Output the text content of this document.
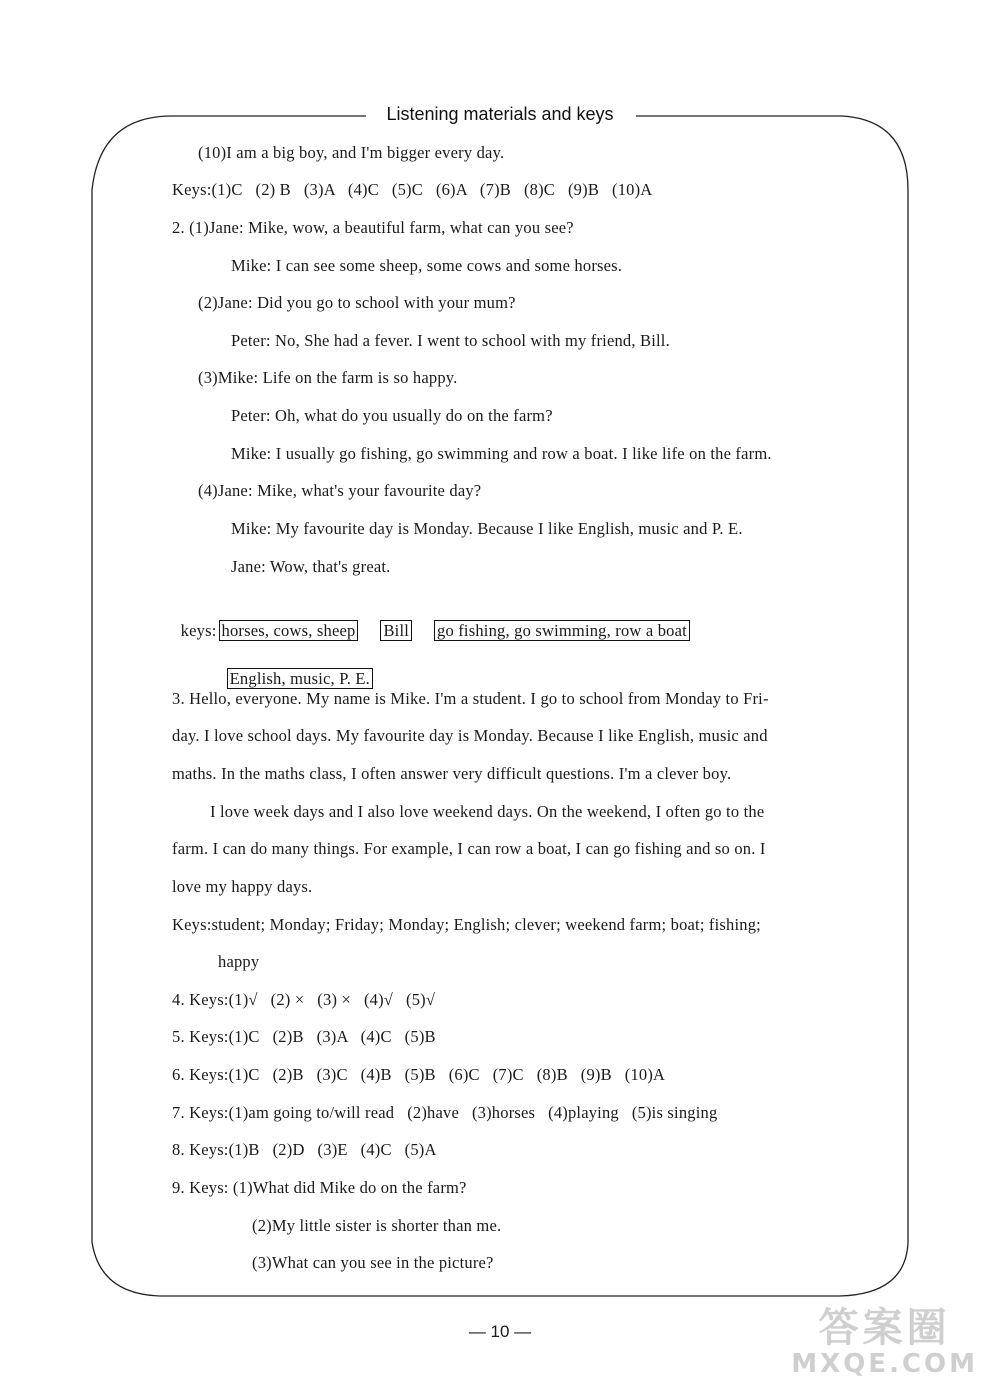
Listening materials and keys
(10)I am a big boy, and I'm bigger every day.
Keys:(1)C   (2) B   (3)A   (4)C   (5)C   (6)A   (7)B   (8)C   (9)B   (10)A
2. (1)Jane: Mike, wow, a beautiful farm, what can you see?
Mike: I can see some sheep, some cows and some horses.
(2)Jane: Did you go to school with your mum?
Peter: No, She had a fever. I went to school with my friend, Bill.
(3)Mike: Life on the farm is so happy.
Peter: Oh, what do you usually do on the farm?
Mike: I usually go fishing, go swimming and row a boat. I like life on the farm.
(4)Jane: Mike, what's your favourite day?
Mike: My favourite day is Monday. Because I like English, music and P. E.
Jane: Wow, that's great.

keys: horses, cows, sheep Bill go fishing, go swimming, row a boat

English, music, P. E.

3. Hello, everyone. My name is Mike. I'm a student. I go to school from Monday to Fri-
day. I love school days. My favourite day is Monday. Because I like English, music and
maths. In the maths class, I often answer very difficult questions. I'm a clever boy.
I love week days and I also love weekend days. On the weekend, I often go to the
farm. I can do many things. For example, I can row a boat, I can go fishing and so on. I
love my happy days.
Keys:student; Monday; Friday; Monday; English; clever; weekend farm; boat; fishing;
happy
4. Keys:(1)√   (2) ×   (3) ×   (4)√   (5)√
5. Keys:(1)C   (2)B   (3)A   (4)C   (5)B
6. Keys:(1)C   (2)B   (3)C   (4)B   (5)B   (6)C   (7)C   (8)B   (9)B   (10)A
7. Keys:(1)am going to/will read   (2)have   (3)horses   (4)playing   (5)is singing
8. Keys:(1)B   (2)D   (3)E   (4)C   (5)A
9. Keys: (1)What did Mike do on the farm?
(2)My little sister is shorter than me.
(3)What can you see in the picture?
— 10 —	答案圈
MXQE.COM
